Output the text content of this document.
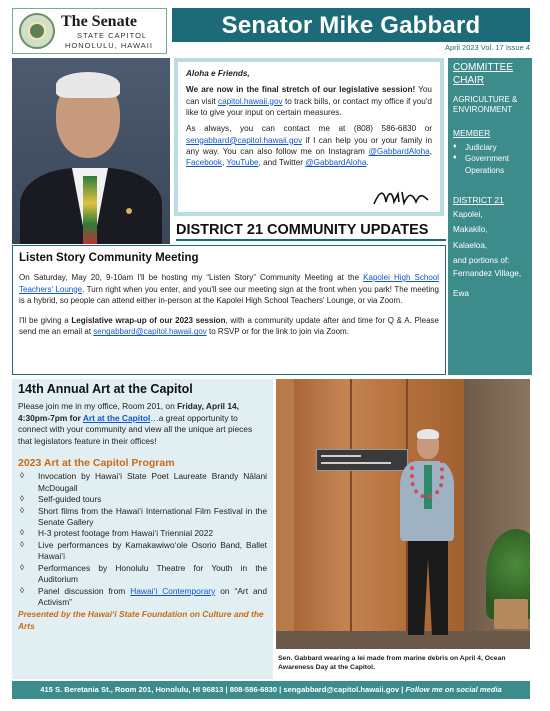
The Senate
STATE CAPITOL
HONOLULU, HAWAII
Senator Mike Gabbard
April 2023 Vol. 17 Issue 4

Aloha e Friends,

We are now in the final stretch of our legislative session! You can visit capitol.hawaii.gov to track bills, or contact my office if you'd like to give your input on certain measures.

As always, you can contact me at (808) 586-6830 or sengabbard@capitol.hawaii.gov if I can help you or your family in any way. You can also follow me on Instagram @GabbardAloha, Facebook, YouTube, and Twitter @GabbardAloha.

DISTRICT 21 COMMUNITY UPDATES
COMMITTEE
CHAIR
AGRICULTURE &
ENVIRONMENT
MEMBER
♦ Judiciary
♦ Government Operations
DISTRICT 21
Kapolei,
Makakilo,
Kalaeloa,
and portions of:
Fernandez Village,
Ewa
Listen Story Community Meeting

On Saturday, May 20, 9-10am I'll be hosting my “Listen Story” Community Meeting at the Kapolei High School Teachers' Lounge. Turn right when you enter, and you'll see our meeting sign at the front when you park! The meeting is a hybrid, so people can attend either in-person at the Kapolei High School Teachers' Lounge, or via Zoom.

I'll be giving a Legislative wrap-up of our 2023 session, with a community update after and time for Q & A. Please send me an email at sengabbard@capitol.hawaii.gov to RSVP or for the link to join via Zoom.

14th Annual Art at the Capitol

Please join me in my office, Room 201, on Friday, April 14, 4:30pm-7pm for Art at the Capitol…a great opportunity to connect with your community and view all the unique art pieces that legislators feature in their offices!

2023 Art at the Capitol Program
◊ Invocation by Hawai‘i State Poet Laureate Brandy Nālani McDougall
◊ Self-guided tours
◊ Short films from the Hawai‘i International Film Festival in the Senate Gallery
◊ H-3 protest footage from Hawai‘i Triennial 2022
◊ Live performances by Kamakawiwo‘ole Osorio Band, Ballet Hawai‘i
◊ Performances by Honolulu Theatre for Youth in the Auditorium
◊ Panel discussion from Hawai‘i Contemporary on “Art and Activism”

Presented by the Hawai‘i State Foundation on Culture and the Arts

Sen. Gabbard wearing a lei made from marine debris on April 4, Ocean Awareness Day at the Capitol.
415 S. Beretania St., Room 201, Honolulu, HI 96813 | 808-586-6830 | sengabbard@capitol.hawaii.gov | Follow me on social media
